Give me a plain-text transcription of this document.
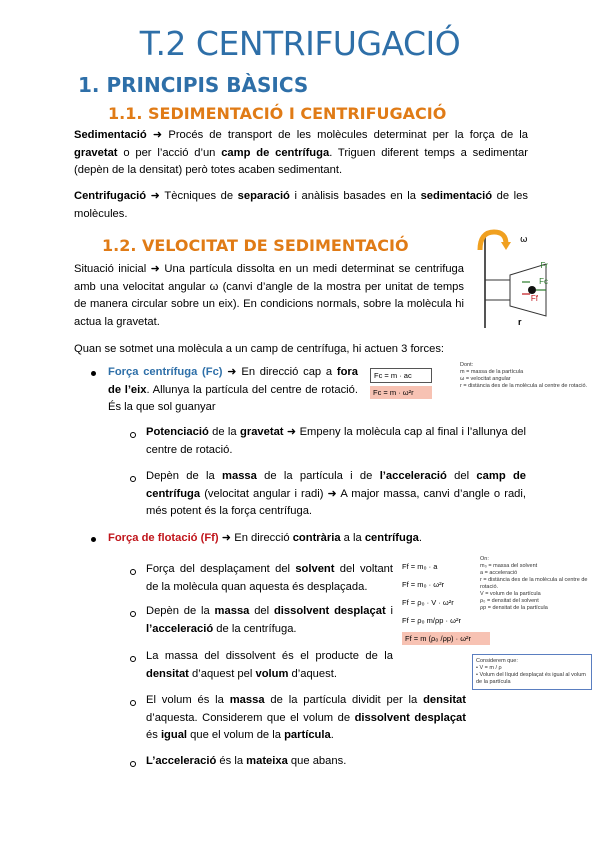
T.2 CENTRIFUGACIÓ
1. PRINCIPIS BÀSICS
1.1. SEDIMENTACIÓ I CENTRIFUGACIÓ

Sedimentació ➜ Procés de transport de les molècules determinat per la força de la gravetat o per l’acció d’un camp de centrífuga. Triguen diferent temps a sedimentar (depèn de la densitat) però totes acaben sedimentant.

Centrifugació ➜ Tècniques de separació i anàlisis basades en la sedimentació de les molècules.

1.2. VELOCITAT DE SEDIMENTACIÓ

Situació inicial ➜ Una partícula dissolta en un medi determinat se centrifuga amb una velocitat angular ω (canvi d’angle de la mostra per unitat de temps de manera circular sobre un eix). En condicions normals, sobre la molècula hi actua la gravetat.

ω
Fc
Fr
Ff
r

Quan se sotmet una molècula a un camp de centrífuga, hi actuen 3 forces:

Força centrífuga (Fc) ➜ En direcció cap a fora de l’eix. Allunya la partícula del centre de rotació. És la que sol guanyar

Fc = m · ac
Fc = m · ω²r
Dont:
m = massa de la partícula
ω = velocitat angular
r = distància des de la molècula al centre de rotació.

Potenciació de la gravetat ➜ Empeny la molècula cap al final i l’allunya del centre de rotació.

Depèn de la massa de la partícula i de l’acceleració del camp de centrífuga (velocitat angular i radi) ➜ A major massa, canvi d’angle o radi, més potent és la força centrífuga.

Força de flotació (Ff) ➜ En direcció contrària a la centrífuga.

Ff = m₀ · a
Ff = m₀ · ω²r
Ff = ρ₀ · V · ω²r
Ff = ρ₀ m/ρp · ω²r
Ff = m (ρ₀ /ρp) · ω²r
On:
m₀ = massa del solvent
a = acceleració
r = distància des de la molècula al centre de rotació.
V = volum de la partícula
ρ₀ = densitat del solvent
ρp = densitat de la partícula
Considerem que:
• V = m / ρ
• Volum del líquid desplaçat és igual al volum de la partícula

Força del desplaçament del solvent del voltant de la molècula quan aquesta és desplaçada.

Depèn de la massa del dissolvent desplaçat i l’acceleració de la centrífuga.

La massa del dissolvent és el producte de la densitat d’aquest pel volum d’aquest.

El volum és la massa de la partícula dividit per la densitat d’aquesta. Considerem que el volum de dissolvent desplaçat és igual que el volum de la partícula.

L’acceleració és la mateixa que abans.
